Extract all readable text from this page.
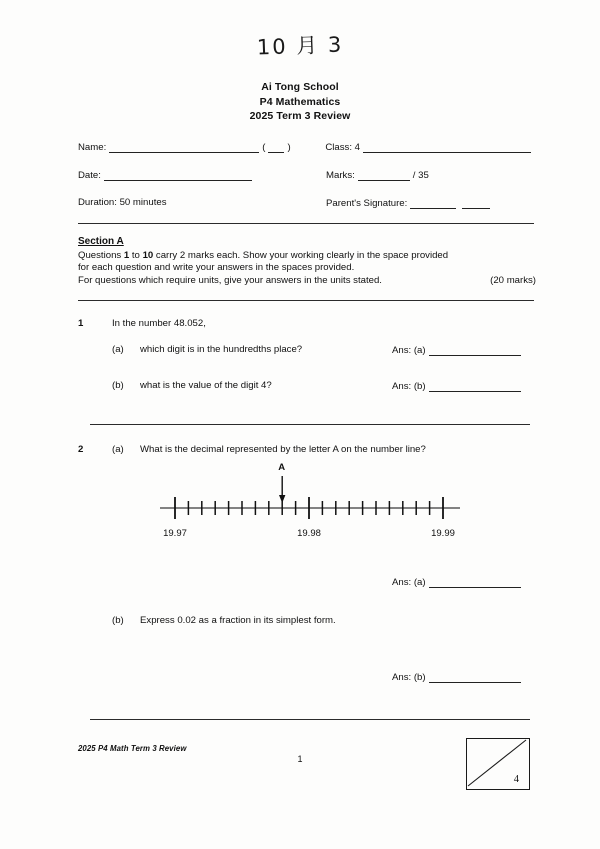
10 月 3
Ai Tong School
P4 Mathematics
2025 Term 3 Review
Name:	( )	Class: 4
Date:	Marks:	/ 35
Duration: 50 minutes	Parent's Signature:
Section A
Questions 1 to 10 carry 2 marks each. Show your working clearly in the space provided
for each question and write your answers in the spaces provided.
For questions which require units, give your answers in the units stated.	(20 marks)
1	In the number 48.052,
(a) which digit is in the hundredths place?	Ans: (a)
(b) what is the value of the digit 4?	Ans: (b)
2	(a) What is the decimal represented by the letter A on the number line?
A
19.97	19.98	19.99
Ans: (a)
(b) Express 0.02 as a fraction in its simplest form.
Ans: (b)
2025 P4 Math Term 3 Review
1
4
